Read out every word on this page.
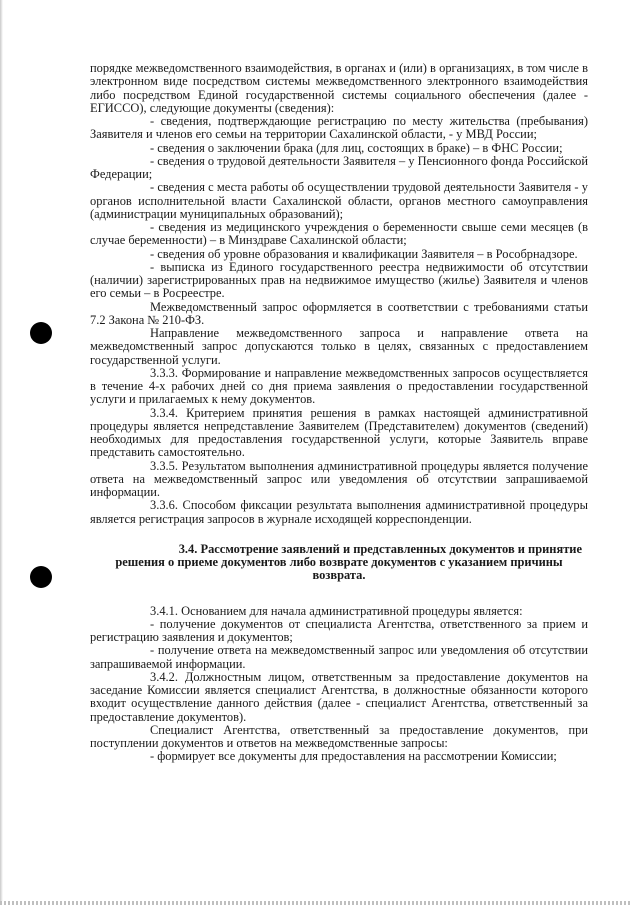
порядке межведомственного взаимодействия, в органах и (или) в организациях, в том числе в электронном виде посредством системы межведомственного электронного взаимодействия либо посредством Единой государственной системы социального обеспечения (далее - ЕГИССО), следующие документы (сведения):

- сведения, подтверждающие регистрацию по месту жительства (пребывания) Заявителя и членов его семьи на территории Сахалинской области, - у МВД России;

- сведения о заключении брака (для лиц, состоящих в браке) – в ФНС России;

- сведения о трудовой деятельности Заявителя – у Пенсионного фонда Российской Федерации;

- сведения с места работы об осуществлении трудовой деятельности Заявителя - у органов исполнительной власти Сахалинской области, органов местного самоуправления (администрации муниципальных образований);

- сведения из медицинского учреждения о беременности свыше семи месяцев (в случае беременности) – в Минздраве Сахалинской области;

- сведения об уровне образования и квалификации Заявителя – в Рособрнадзоре.

- выписка из Единого государственного реестра недвижимости об отсутствии (наличии) зарегистрированных прав на недвижимое имущество (жилье) Заявителя и членов его семьи – в Росреестре.

Межведомственный запрос оформляется в соответствии с требованиями статьи 7.2 Закона № 210-ФЗ.

Направление межведомственного запроса и направление ответа на межведомственный запрос допускаются только в целях, связанных с предоставлением государственной услуги.

3.3.3. Формирование и направление межведомственных запросов осуществляется в течение 4-х рабочих дней со дня приема заявления о предоставлении государственной услуги и прилагаемых к нему документов.

3.3.4. Критерием принятия решения в рамках настоящей административной процедуры является непредставление Заявителем (Представителем) документов (сведений) необходимых для предоставления государственной услуги, которые Заявитель вправе представить самостоятельно.

3.3.5. Результатом выполнения административной процедуры является получение ответа на межведомственный запрос или уведомления об отсутствии запрашиваемой информации.

3.3.6. Способом фиксации результата выполнения административной процедуры является регистрация запросов в журнале исходящей корреспонденции.

3.4. Рассмотрение заявлений и представленных документов и принятие
решения о приеме документов либо возврате документов с указанием причины
возврата.

3.4.1. Основанием для начала административной процедуры является:

- получение документов от специалиста Агентства, ответственного за прием и регистрацию заявления и документов;

- получение ответа на межведомственный запрос или уведомления об отсутствии запрашиваемой информации.

3.4.2. Должностным лицом, ответственным за предоставление документов на заседание Комиссии является специалист Агентства, в должностные обязанности которого входит осуществление данного действия (далее - специалист Агентства, ответственный за предоставление документов).

Специалист Агентства, ответственный за предоставление документов, при поступлении документов и ответов на межведомственные запросы:

- формирует все документы для предоставления на рассмотрении Комиссии;
